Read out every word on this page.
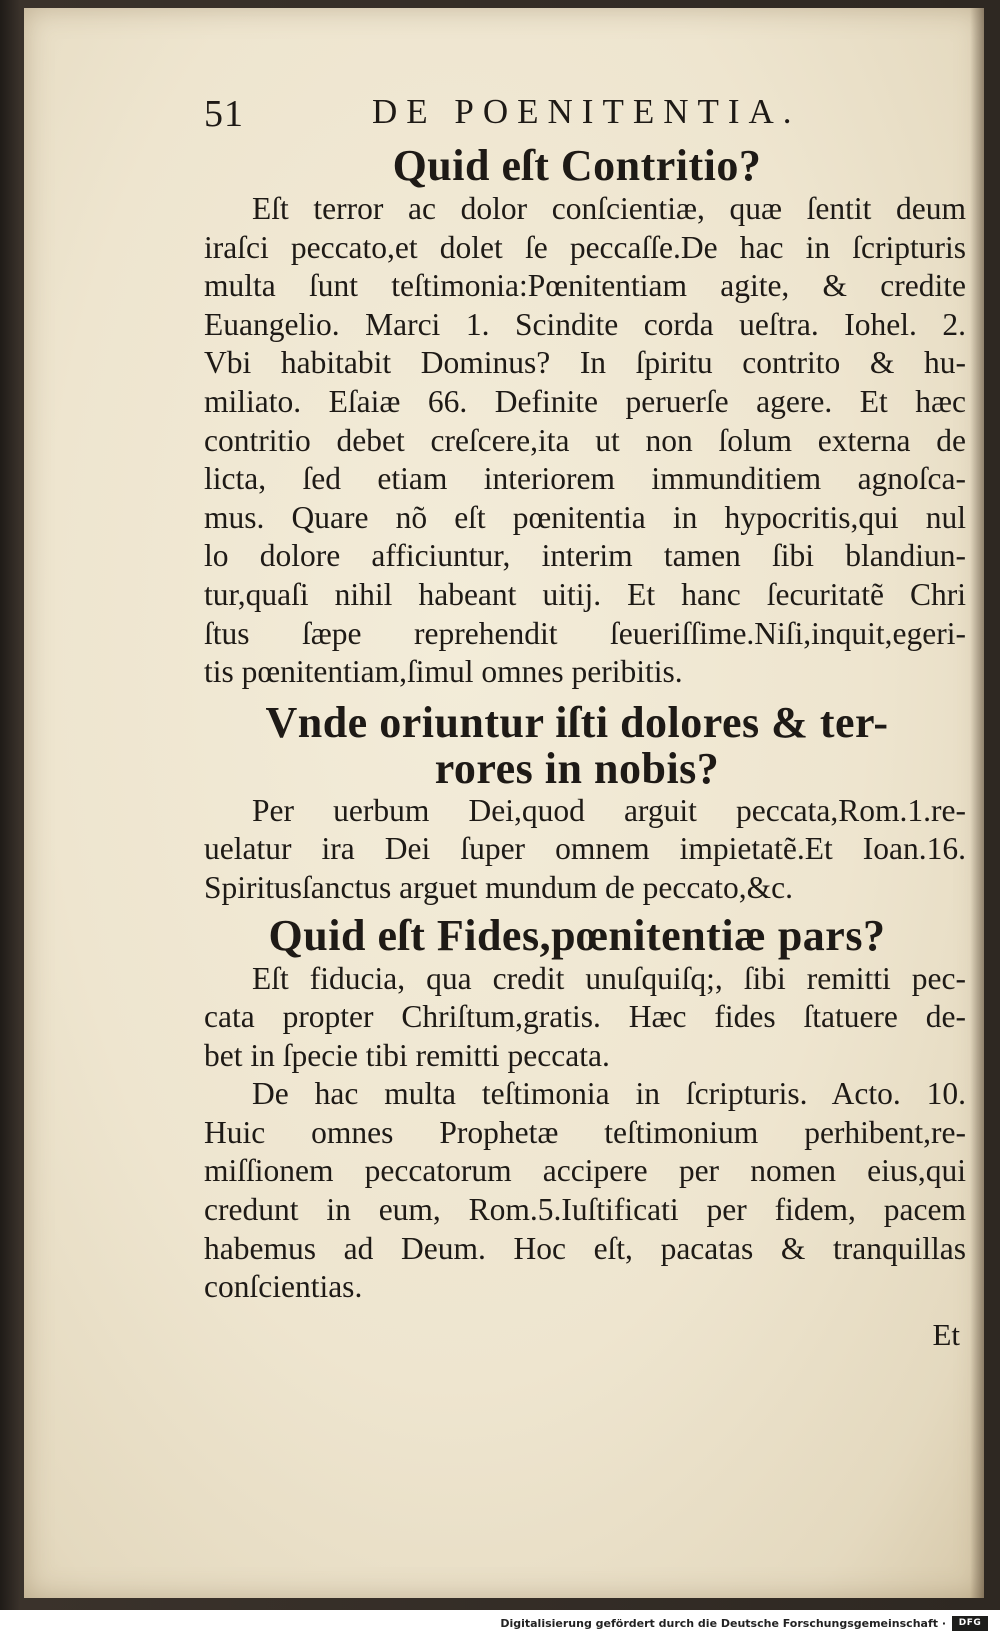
51	DE POENITENTIA.
Quid eſt Contritio?
Eſt terror ac dolor conſcientiæ, quæ ſentit deum
iraſci peccato,et dolet ſe peccaſſe.De hac in ſcripturis
multa ſunt teſtimonia:Pœnitentiam agite, & credite
Euangelio. Marci 1. Scindite corda ueſtra. Iohel. 2.
Vbi habitabit Dominus? In ſpiritu contrito & hu-
miliato. Eſaiæ 66. Definite peruerſe agere. Et hæc
contritio debet creſcere,ita ut non ſolum externa de
licta, ſed etiam interiorem immunditiem agnoſca-
mus. Quare nõ eſt pœnitentia in hypocritis,qui nul
lo dolore afficiuntur, interim tamen ſibi blandiun-
tur,quaſi nihil habeant uitij. Et hanc ſecuritatẽ Chri
ſtus ſæpe reprehendit ſeueriſſime.Niſi,inquit,egeri-
tis pœnitentiam,ſimul omnes peribitis.
Vnde oriuntur iſti dolores & ter-
rores in nobis?
Per uerbum Dei,quod arguit peccata,Rom.1.re-
uelatur ira Dei ſuper omnem impietatẽ.Et Ioan.16.
Spiritusſanctus arguet mundum de peccato,&c.
Quid eſt Fides,pœnitentiæ pars?
Eſt fiducia, qua credit unuſquiſq;, ſibi remitti pec-
cata propter Chriſtum,gratis. Hæc fides ſtatuere de-
bet in ſpecie tibi remitti peccata.
De hac multa teſtimonia in ſcripturis. Acto. 10.
Huic omnes Prophetæ teſtimonium perhibent,re-
miſſionem peccatorum accipere per nomen eius,qui
credunt in eum, Rom.5.Iuſtificati per fidem, pacem
habemus ad Deum. Hoc eſt, pacatas & tranquillas
conſcientias.
Et
Digitalisierung gefördert durch die Deutsche Forschungsgemeinschaft ·	DFG
